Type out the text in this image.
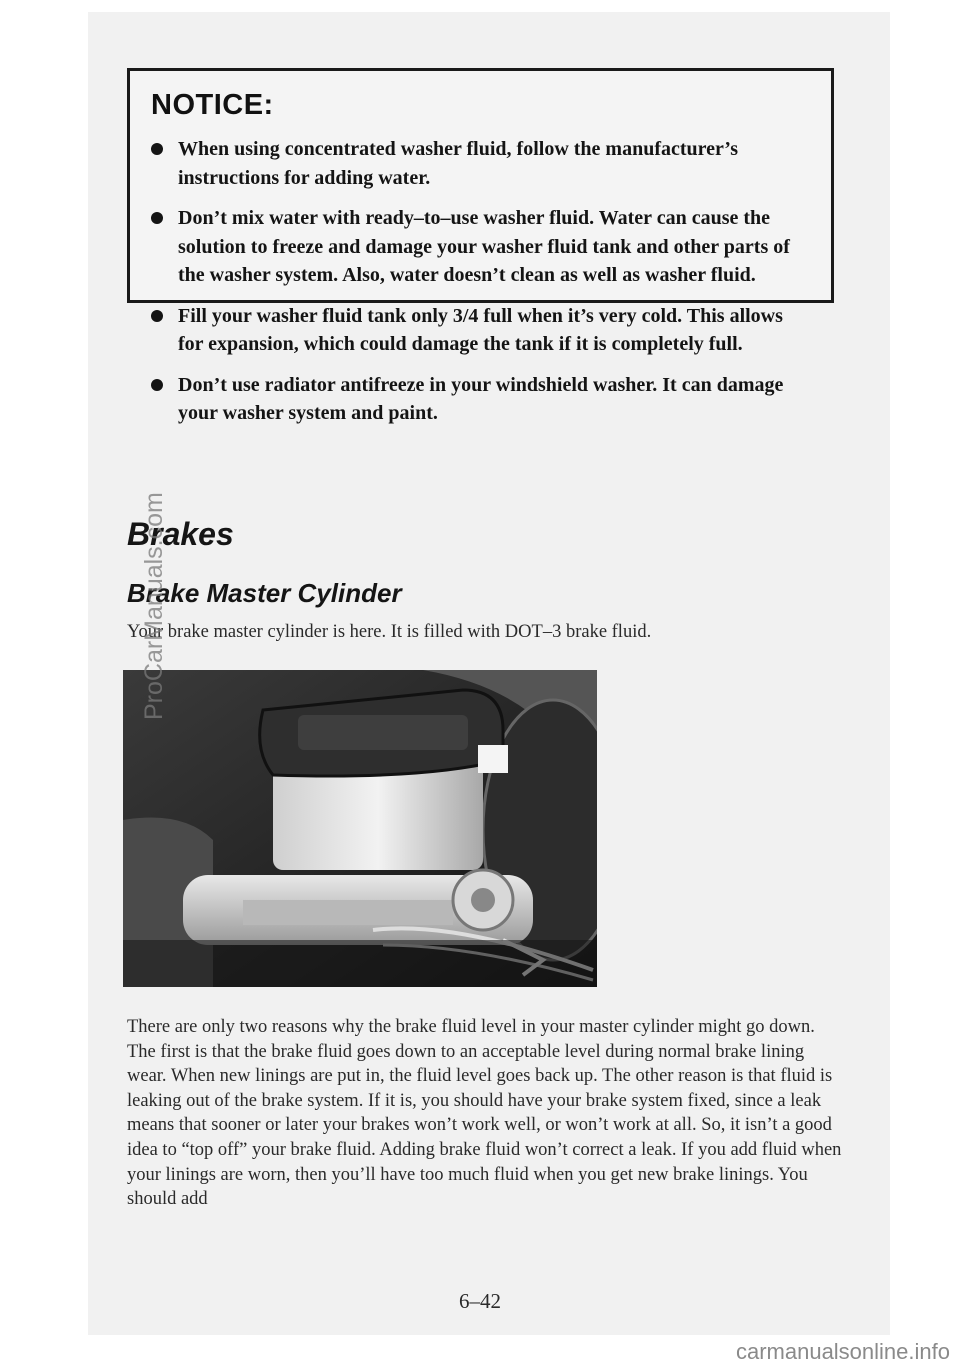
NOTICE:
When using concentrated washer fluid, follow the manufacturer’s instructions for adding water.
Don’t mix water with ready–to–use washer fluid. Water can cause the solution to freeze and damage your washer fluid tank and other parts of the washer system. Also, water doesn’t clean as well as washer fluid.
Fill your washer fluid tank only 3/4 full when it’s very cold. This allows for expansion, which could damage the tank if it is completely full.
Don’t use radiator antifreeze in your windshield washer. It can damage your washer system and paint.
Brakes
Brake Master Cylinder

Your brake master cylinder is here. It is filled with DOT–3 brake fluid.

There are only two reasons why the brake fluid level in your master cylinder might go down. The first is that the brake fluid goes down to an acceptable level during normal brake lining wear. When new linings are put in, the fluid level goes back up. The other reason is that fluid is leaking out of the brake system. If it is, you should have your brake system fixed, since a leak means that sooner or later your brakes won’t work well, or won’t work at all. So, it isn’t a good idea to “top off” your brake fluid. Adding brake fluid won’t correct a leak. If you add fluid when your linings are worn, then you’ll have too much fluid when you get new brake linings. You should add

6–42
ProCarManuals.com
carmanualsonline.info
